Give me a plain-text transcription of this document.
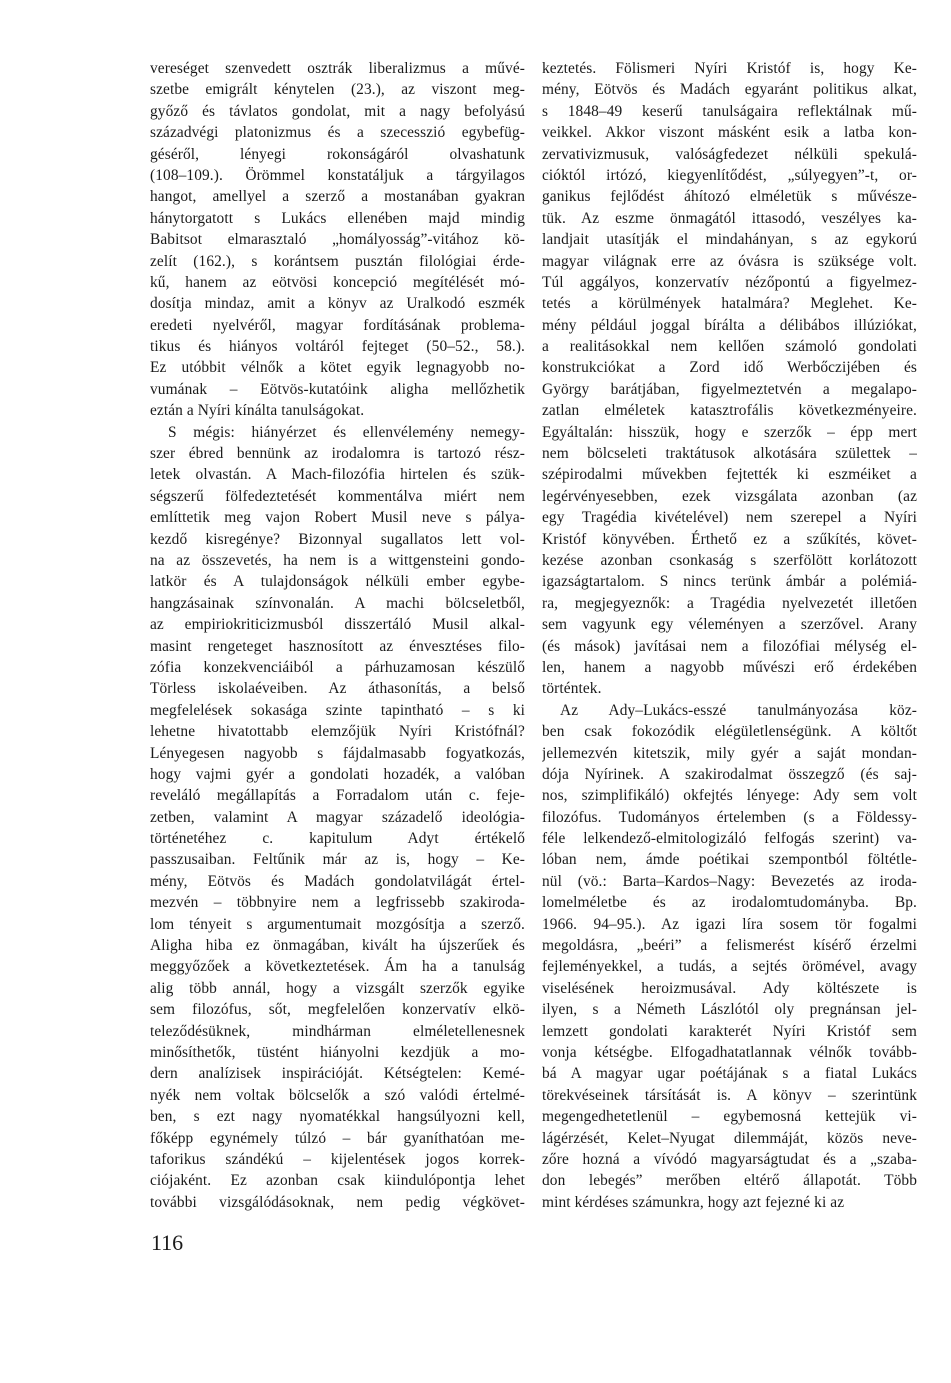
vereséget szenvedett osztrák liberalizmus a művé-
szetbe emigrált kénytelen (23.), az viszont meg-
győző és távlatos gondolat, mit a nagy befolyású
századvégi platonizmus és a szecesszió egybefüg-
géséről, lényegi rokonságáról olvashatunk
(108–109.). Örömmel konstatáljuk a tárgyilagos
hangot, amellyel a szerző a mostanában gyakran
hánytorgatott s Lukács ellenében majd mindig
Babitsot elmarasztaló „homályosság”-vitához kö-
zelít (162.), s korántsem pusztán filológiai érde-
kű, hanem az eötvösi koncepció megítélését mó-
dosítja mindaz, amit a könyv az Uralkodó eszmék
eredeti nyelvéről, magyar fordításának problema-
tikus és hiányos voltáról fejteget (50–52., 58.).
Ez utóbbit vélnők a kötet egyik legnagyobb no-
vumának – Eötvös-kutatóink aligha mellőzhetik
eztán a Nyíri kínálta tanulságokat.
S mégis: hiányérzet és ellenvélemény nemegy-
szer ébred bennünk az irodalomra is tartozó rész-
letek olvastán. A Mach-filozófia hirtelen és szük-
ségszerű fölfedeztetését kommentálva miért nem
említtetik meg vajon Robert Musil neve s pálya-
kezdő kisregénye? Bizonnyal sugallatos lett vol-
na az összevetés, ha nem is a wittgensteini gondo-
latkör és A tulajdonságok nélküli ember egybe-
hangzásainak színvonalán. A machi bölcseletből,
az empiriokriticizmusból disszertáló Musil alkal-
masint rengeteget hasznosított az énvesztéses filo-
zófia konzekvenciáiból a párhuzamosan készülő
Törless iskolaéveiben. Az áthasonítás, a belső
megfelelések sokasága szinte tapintható – s ki
lehetne hivatottabb elemzőjük Nyíri Kristófnál?
Lényegesen nagyobb s fájdalmasabb fogyatkozás,
hogy vajmi gyér a gondolati hozadék, a valóban
reveláló megállapítás a Forradalom után c. feje-
zetben, valamint A magyar századelő ideológia-
történetéhez c. kapitulum Adyt értékelő
passzusaiban. Feltűnik már az is, hogy – Ke-
mény, Eötvös és Madách gondolatvilágát értel-
mezvén – többnyire nem a legfrissebb szakiroda-
lom tényeit s argumentumait mozgósítja a szerző.
Aligha hiba ez önmagában, kivált ha újszerűek és
meggyőzőek a következtetések. Ám ha a tanulság
alig több annál, hogy a vizsgált szerzők egyike
sem filozófus, sőt, megfelelően konzervatív elkö-
teleződésüknek, mindhárman elméletellenesnek
minősíthetők, tüstént hiányolni kezdjük a mo-
dern analízisek inspirációját. Kétségtelen: Kemé-
nyék nem voltak bölcselők a szó valódi értelmé-
ben, s ezt nagy nyomatékkal hangsúlyozni kell,
főképp egynémely túlzó – bár gyaníthatóan me-
taforikus szándékú – kijelentések jogos korrek-
ciójaként. Ez azonban csak kiindulópontja lehet
további vizsgálódásoknak, nem pedig végkövet-
keztetés. Fölismeri Nyíri Kristóf is, hogy Ke-
mény, Eötvös és Madách egyaránt politikus alkat,
s 1848–49 keserű tanulságaira reflektálnak mű-
veikkel. Akkor viszont másként esik a latba kon-
zervativizmusuk, valóságfedezet nélküli spekulá-
cióktól irtózó, kiegyenlítődést, „súlyegyen”-t, or-
ganikus fejlődést áhítozó elméletük s művésze-
tük. Az eszme önmagától ittasodó, veszélyes ka-
landjait utasítják el mindahányan, s az egykorú
magyar világnak erre az óvásra is szüksége volt.
Túl aggályos, konzervatív nézőpontú a figyelmez-
tetés a körülmények hatalmára? Meglehet. Ke-
mény például joggal bírálta a délibábos illúziókat,
a realitásokkal nem kellően számoló gondolati
konstrukciókat a Zord idő Werbőczijében és
György barátjában, figyelmeztetvén a megalapo-
zatlan elméletek katasztrofális következményeire.
Egyáltalán: hisszük, hogy e szerzők – épp mert
nem bölcseleti traktátusok alkotására születtek –
szépirodalmi művekben fejtették ki eszméiket a
legérvényesebben, ezek vizsgálata azonban (az
egy Tragédia kivételével) nem szerepel a Nyíri
Kristóf könyvében. Érthető ez a szűkítés, követ-
kezése azonban csonkaság s szerfölött korlátozott
igazságtartalom. S nincs terünk ámbár a polémiá-
ra, megjegyeznők: a Tragédia nyelvezetét illetően
sem vagyunk egy véleményen a szerzővel. Arany
(és mások) javításai nem a filozófiai mélység el-
len, hanem a nagyobb művészi erő érdekében
történtek.
Az Ady–Lukács-esszé tanulmányozása köz-
ben csak fokozódik elégületlenségünk. A költőt
jellemezvén kitetszik, mily gyér a saját mondan-
dója Nyírinek. A szakirodalmat összegző (és saj-
nos, szimplifikáló) okfejtés lényege: Ady sem volt
filozófus. Tudományos értelemben (s a Földessy-
féle lelkendező-elmitologizáló felfogás szerint) va-
lóban nem, ámde poétikai szempontból föltétle-
nül (vö.: Barta–Kardos–Nagy: Bevezetés az iroda-
lomelméletbe és az irodalomtudományba. Bp.
1966. 94–95.). Az igazi líra sosem tör fogalmi
megoldásra, „beéri” a felismerést kísérő érzelmi
fejleményekkel, a tudás, a sejtés örömével, avagy
viselésének heroizmusával. Ady költészete is
ilyen, s a Németh Lászlótól oly pregnánsan jel-
lemzett gondolati karakterét Nyíri Kristóf sem
vonja kétségbe. Elfogadhatatlannak vélnők tovább-
bá A magyar ugar poétájának s a fiatal Lukács
törekvéseinek társítását is. A könyv – szerintünk
megengedhetetlenül – egybemosná kettejük vi-
lágérzését, Kelet–Nyugat dilemmáját, közös neve-
zőre hozná a vívódó magyarságtudat és a „szaba-
don lebegés” merőben eltérő állapotát. Több
mint kérdéses számunkra, hogy azt fejezné ki az
116
